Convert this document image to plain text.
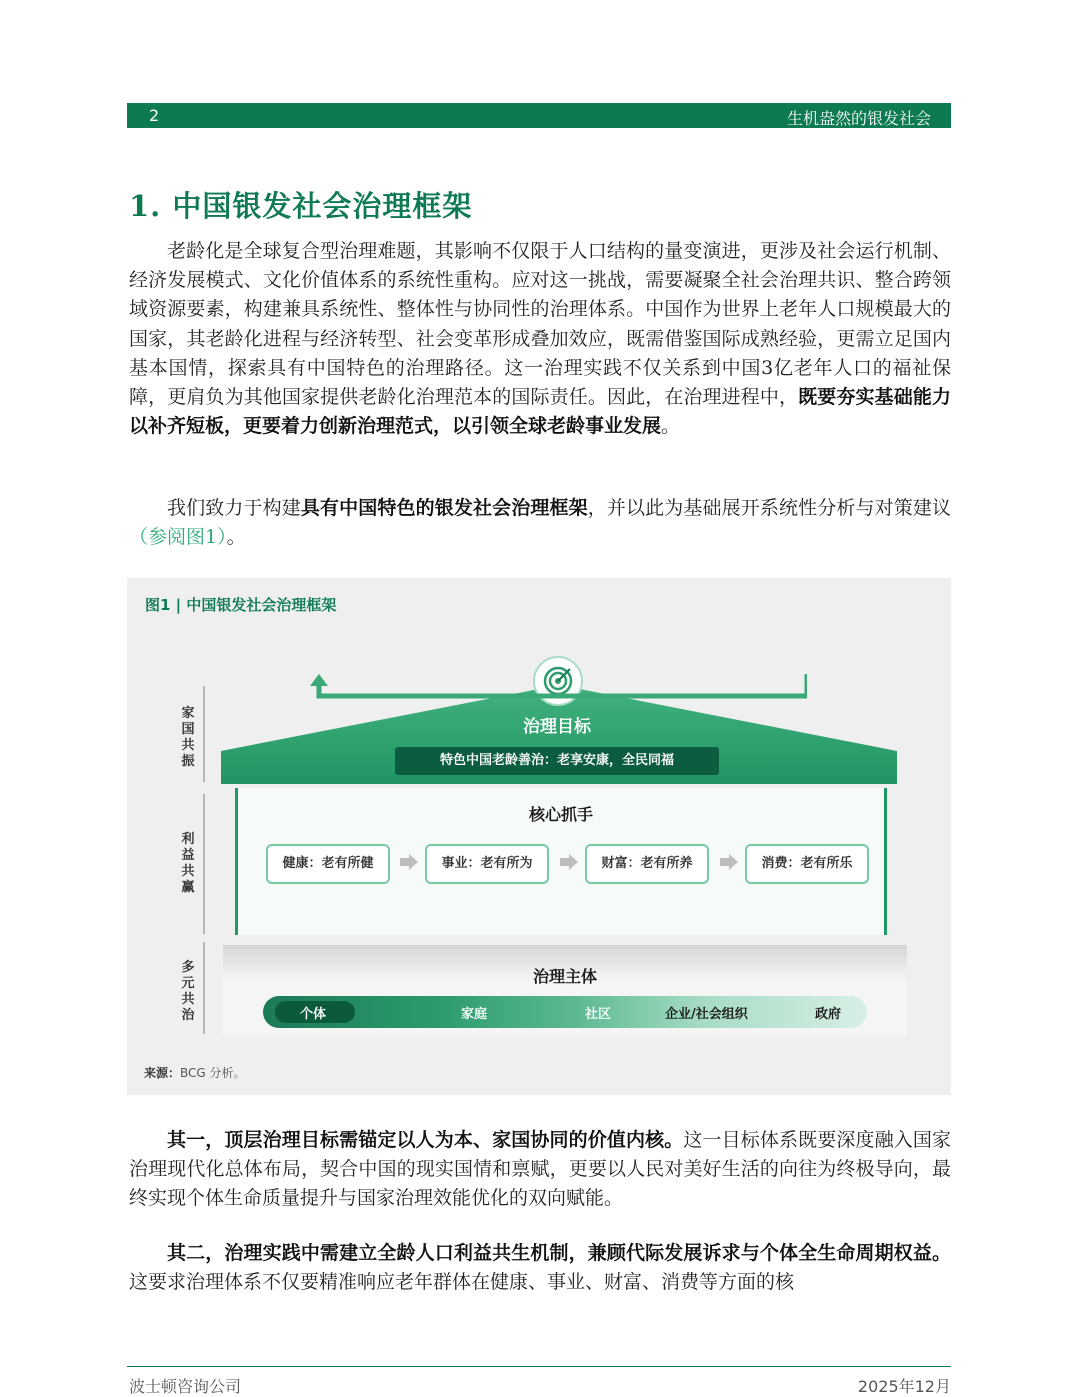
2	生机盎然的银发社会
1. 中国银发社会治理框架

老龄化是全球复合型治理难题，其影响不仅限于人口结构的量变演进，更涉及社会运行机制、经济发展模式、文化价值体系的系统性重构。应对这一挑战，需要凝聚全社会治理共识、整合跨领域资源要素，构建兼具系统性、整体性与协同性的治理体系。中国作为世界上老年人口规模最大的国家，其老龄化进程与经济转型、社会变革形成叠加效应，既需借鉴国际成熟经验，更需立足国内基本国情，探索具有中国特色的治理路径。这一治理实践不仅关系到中国3亿老年人口的福祉保障，更肩负为其他国家提供老龄化治理范本的国际责任。因此，在治理进程中，既要夯实基础能力以补齐短板，更要着力创新治理范式，以引领全球老龄事业发展。

我们致力于构建具有中国特色的银发社会治理框架，并以此为基础展开系统性分析与对策建议（参阅图1）。

图1 | 中国银发社会治理框架
家国共振
利益共赢
多元共治
治理目标
特色中国老龄善治：老享安康，全民同福
核心抓手
健康：老有所健	事业：老有所为	财富：老有所养	消费：老有所乐
治理主体
个体	家庭	社区	企业/社会组织	政府
来源：BCG 分析。

其一，顶层治理目标需锚定以人为本、家国协同的价值内核。这一目标体系既要深度融入国家治理现代化总体布局，契合中国的现实国情和禀赋，更要以人民对美好生活的向往为终极导向，最终实现个体生命质量提升与国家治理效能优化的双向赋能。

其二，治理实践中需建立全龄人口利益共生机制，兼顾代际发展诉求与个体全生命周期权益。这要求治理体系不仅要精准响应老年群体在健康、事业、财富、消费等方面的核

波士顿咨询公司	2025年12月
